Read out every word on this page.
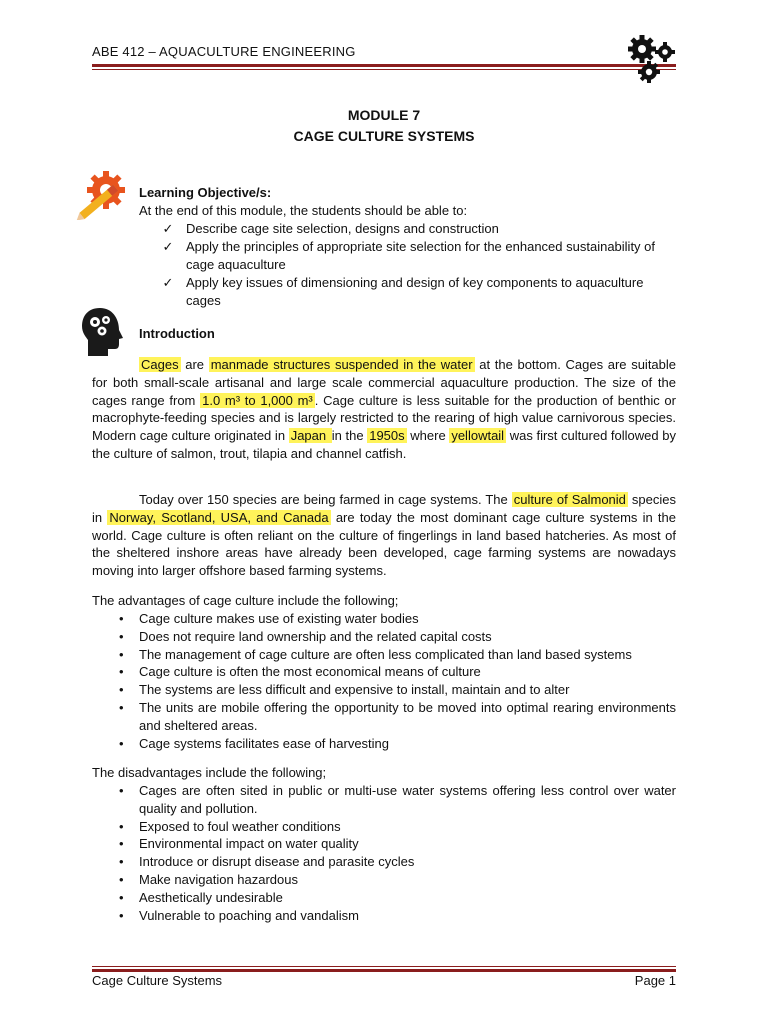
ABE 412 – AQUACULTURE ENGINEERING
MODULE 7
CAGE CULTURE SYSTEMS
Learning Objective/s:
At the end of this module, the students should be able to:
✓ Describe cage site selection, designs and construction
✓ Apply the principles of appropriate site selection for the enhanced sustainability of cage aquaculture
✓ Apply key issues of dimensioning and design of key components to aquaculture cages
Introduction

Cages are manmade structures suspended in the water at the bottom. Cages are suitable for both small-scale artisanal and large scale commercial aquaculture production. The size of the cages range from 1.0 m³ to 1,000 m³ . Cage culture is less suitable for the production of benthic or macrophyte-feeding species and is largely restricted to the rearing of high value carnivorous species. Modern cage culture originated in Japan in the 1950s where yellowtail was first cultured followed by the culture of salmon, trout, tilapia and channel catfish.

Today over 150 species are being farmed in cage systems. The culture of Salmonid species in Norway, Scotland, USA, and Canada are today the most dominant cage culture systems in the world. Cage culture is often reliant on the culture of fingerlings in land based hatcheries. As most of the sheltered inshore areas have already been developed, cage farming systems are nowadays moving into larger offshore based farming systems.

The advantages of cage culture include the following;
• Cage culture makes use of existing water bodies
• Does not require land ownership and the related capital costs
• The management of cage culture are often less complicated than land based systems
• Cage culture is often the most economical means of culture
• The systems are less difficult and expensive to install, maintain and to alter
• The units are mobile offering the opportunity to be moved into optimal rearing environments and sheltered areas.
• Cage systems facilitates ease of harvesting
The disadvantages include the following;
• Cages are often sited in public or multi-use water systems offering less control over water quality and pollution.
• Exposed to foul weather conditions
• Environmental impact on water quality
• Introduce or disrupt disease and parasite cycles
• Make navigation hazardous
• Aesthetically undesirable
• Vulnerable to poaching and vandalism
Cage Culture Systems	Page 1
